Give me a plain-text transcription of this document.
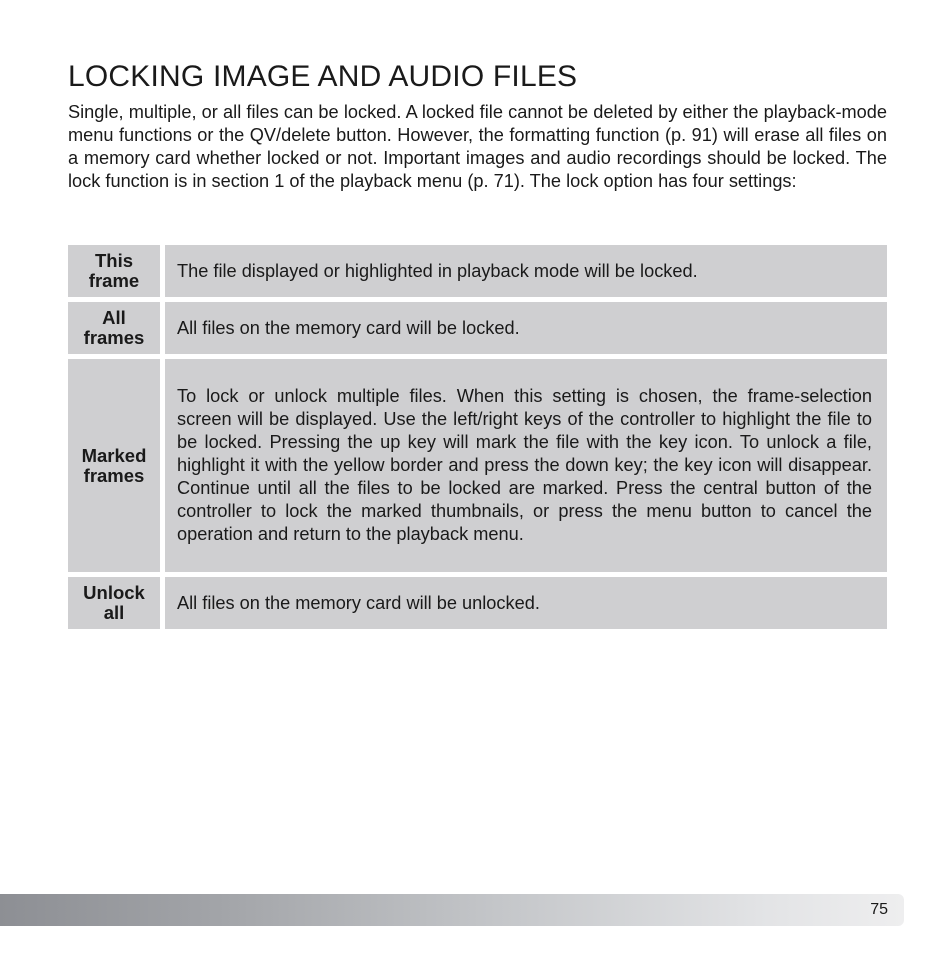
LOCKING IMAGE AND AUDIO FILES

Single, multiple, or all files can be locked. A locked file cannot be deleted by either the playback-mode menu functions or the QV/delete button. However, the formatting function (p. 91) will erase all files on a memory card whether locked or not. Important images and audio recordings should be locked. The lock function is in section 1 of the playback menu (p. 71). The lock option has four settings:

This
frame	The file displayed or highlighted in playback mode will be locked.
All
frames	All files on the memory card will be locked.
Marked
frames	To lock or unlock multiple files. When this setting is chosen, the frame-selection screen will be displayed. Use the left/right keys of the controller to highlight the file to be locked. Pressing the up key will mark the file with the key icon. To unlock a file, highlight it with the yellow border and press the down key; the key icon will disappear. Continue until all the files to be locked are marked. Press the central button of the controller to lock the marked thumbnails, or press the menu button to cancel the operation and return to the playback menu.
Unlock
all	All files on the memory card will be unlocked.
75
